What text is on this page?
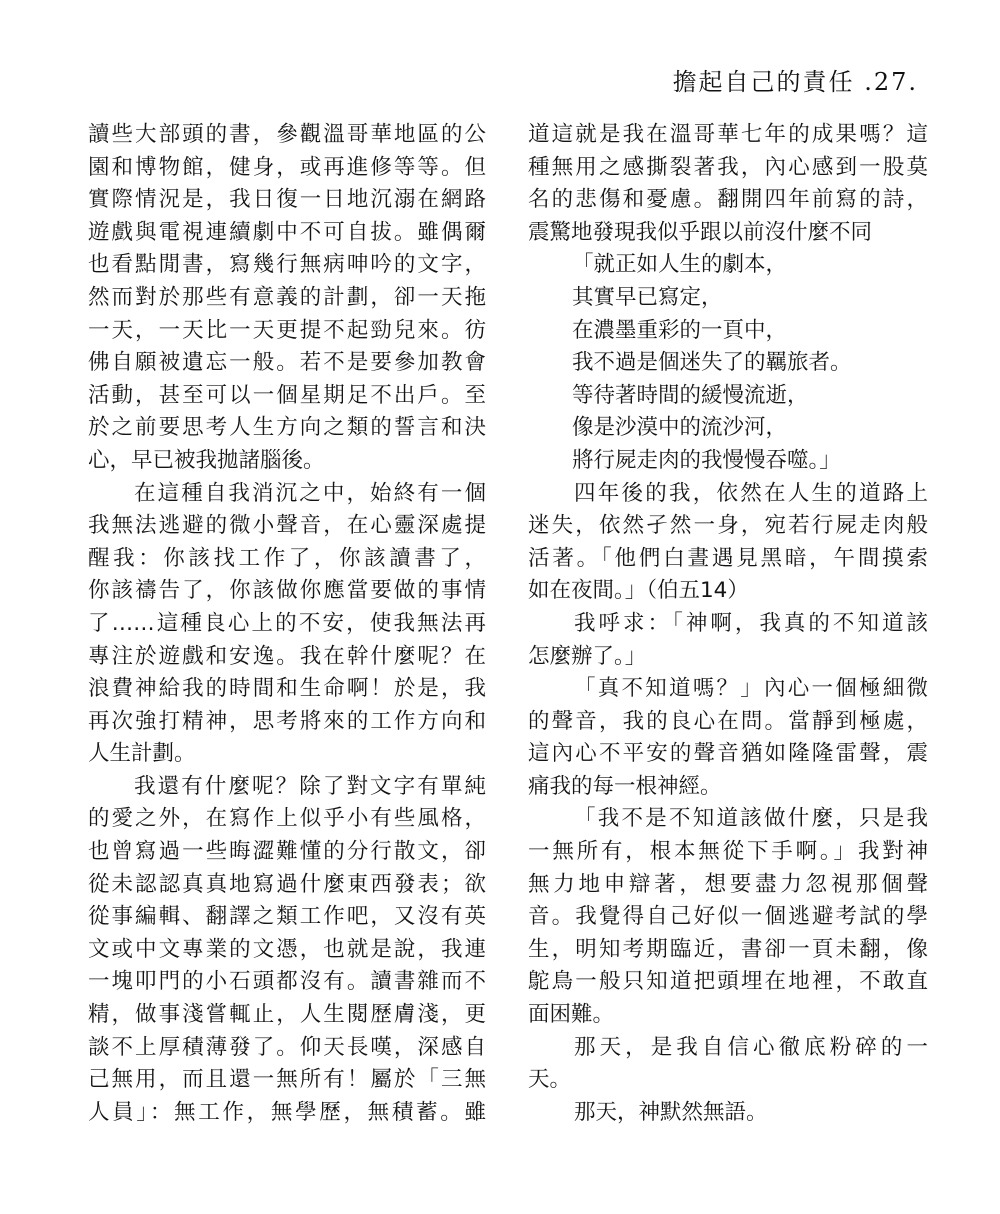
擔起自己的責任 .27.
讀些大部頭的書，參觀溫哥華地區的公
園和博物館，健身，或再進修等等。但
實際情況是，我日復一日地沉溺在網路
遊戲與電視連續劇中不可自拔。雖偶爾
也看點閒書，寫幾行無病呻吟的文字，
然而對於那些有意義的計劃，卻一天拖
一天，一天比一天更提不起勁兒來。彷
佛自願被遺忘一般。若不是要參加教會
活動，甚至可以一個星期足不出戶。至
於之前要思考人生方向之類的誓言和決
心，早已被我拋諸腦後。
在這種自我消沉之中，始終有一個
我無法逃避的微小聲音，在心靈深處提
醒我：你該找工作了，你該讀書了，
你該禱告了，你該做你應當要做的事情
了……這種良心上的不安，使我無法再
專注於遊戲和安逸。我在幹什麼呢？在
浪費神給我的時間和生命啊！於是，我
再次強打精神，思考將來的工作方向和
人生計劃。
我還有什麼呢？除了對文字有單純
的愛之外，在寫作上似乎小有些風格，
也曾寫過一些晦澀難懂的分行散文，卻
從未認認真真地寫過什麼東西發表；欲
從事編輯、翻譯之類工作吧，又沒有英
文或中文專業的文憑，也就是說，我連
一塊叩門的小石頭都沒有。讀書雜而不
精，做事淺嘗輒止，人生閱歷膚淺，更
談不上厚積薄發了。仰天長嘆，深感自
己無用，而且還一無所有！屬於「三無
人員」：無工作，無學歷，無積蓄。雖
道這就是我在溫哥華七年的成果嗎？這
種無用之感撕裂著我，內心感到一股莫
名的悲傷和憂慮。翻開四年前寫的詩，
震驚地發現我似乎跟以前沒什麼不同
「就正如人生的劇本，
其實早已寫定，
在濃墨重彩的一頁中，
我不過是個迷失了的羈旅者。
等待著時間的緩慢流逝，
像是沙漠中的流沙河，
將行屍走肉的我慢慢吞噬。」
四年後的我，依然在人生的道路上
迷失，依然孑然一身，宛若行屍走肉般
活著。「他們白晝遇見黑暗，午間摸索
如在夜間。」（伯五14）
我呼求：「神啊，我真的不知道該
怎麼辦了。」
「真不知道嗎？」內心一個極細微
的聲音，我的良心在問。當靜到極處，
這內心不平安的聲音猶如隆隆雷聲，震
痛我的每一根神經。
「我不是不知道該做什麼，只是我
一無所有，根本無從下手啊。」我對神
無力地申辯著，想要盡力忽視那個聲
音。我覺得自己好似一個逃避考試的學
生，明知考期臨近，書卻一頁未翻，像
鴕鳥一般只知道把頭埋在地裡，不敢直
面困難。
那天，是我自信心徹底粉碎的一
天。
那天，神默然無語。
